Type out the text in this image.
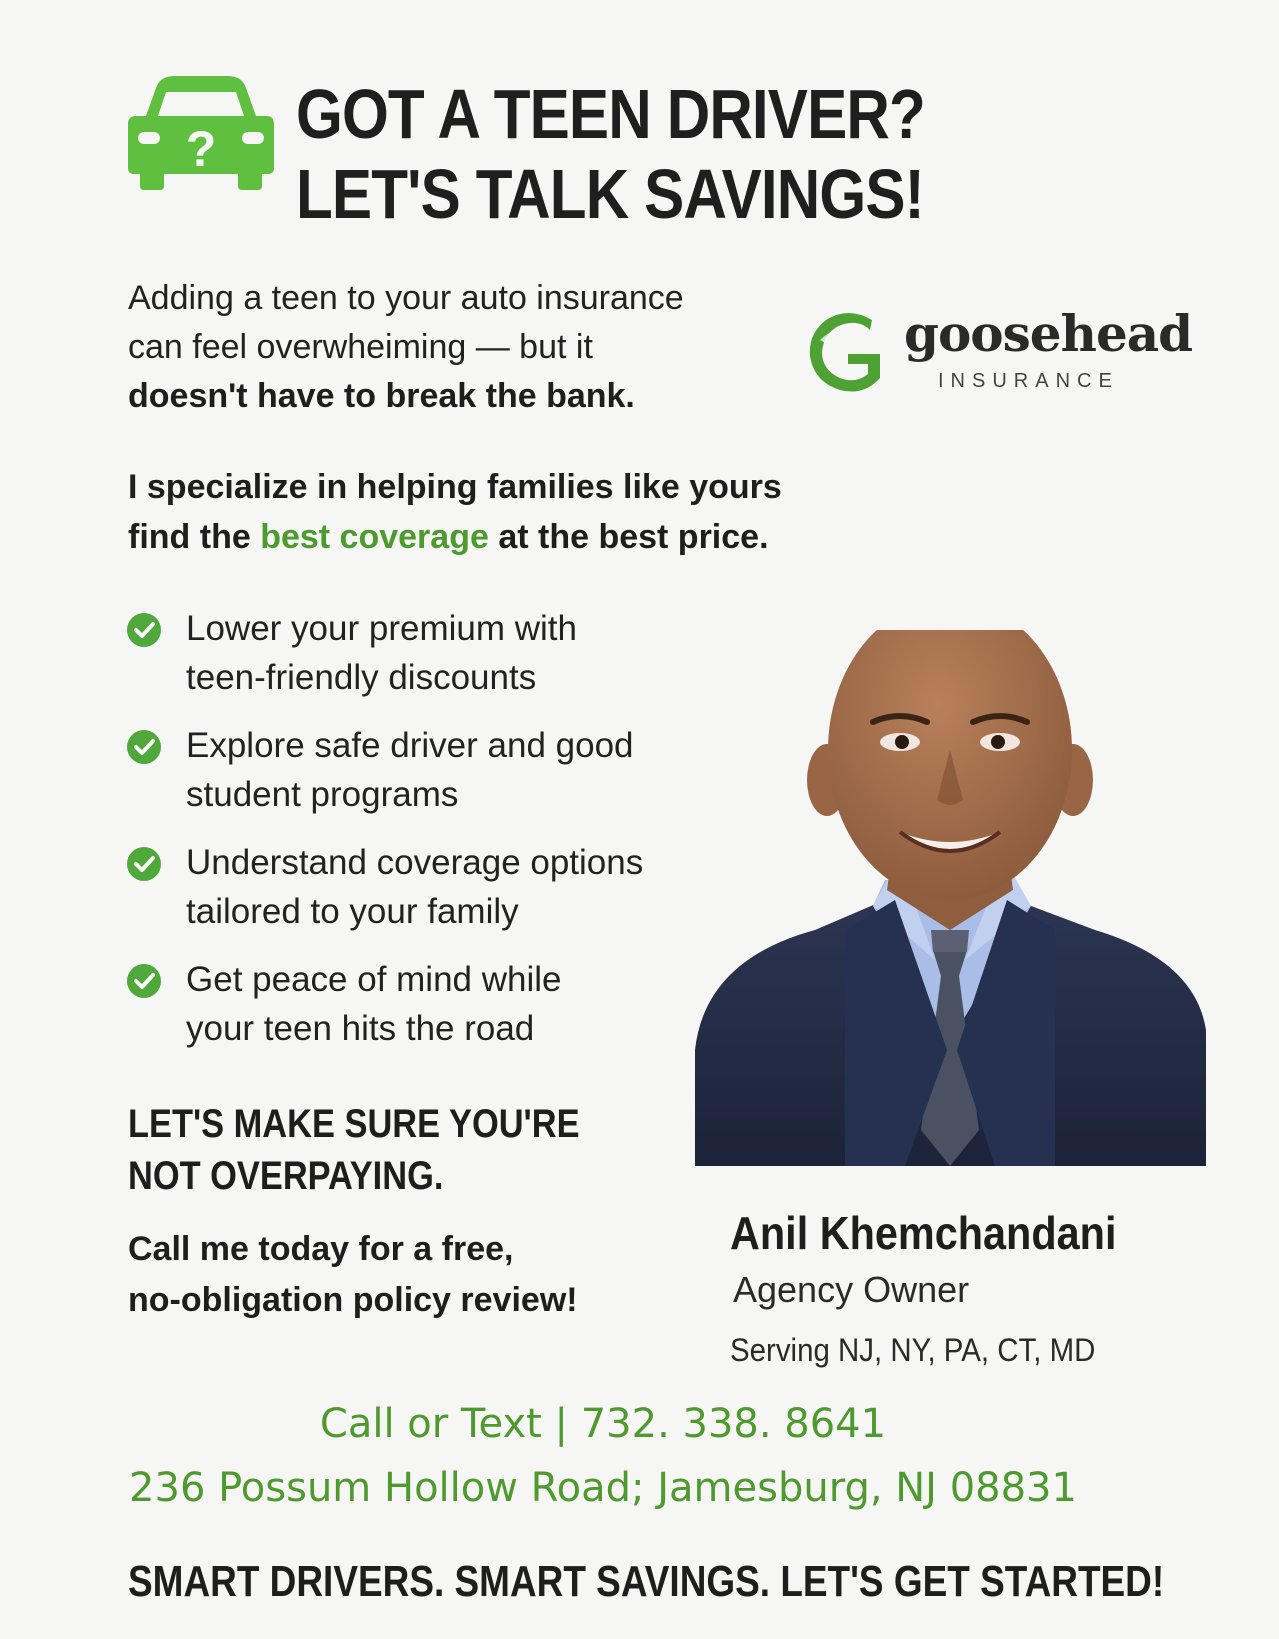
? GOT A TEEN DRIVER?
LET'S TALK SAVINGS!

Adding a teen to your auto insurance
can feel overwheiming — but it
doesn't have to break the bank.

goosehead
INSURANCE

I specialize in helping families like yours
find the best coverage at the best price.

Lower your premium with
teen-friendly discounts
Explore safe driver and good
student programs
Understand coverage options
tailored to your family
Get peace of mind while
your teen hits the road
LET'S MAKE SURE YOU'RE
NOT OVERPAYING.

Call me today for a free,
no-obligation policy review!

Anil Khemchandani
Agency Owner
Serving NJ, NY, PA, CT, MD
Call or Text | 732. 338. 8641
236 Possum Hollow Road; Jamesburg, NJ 08831
SMART DRIVERS. SMART SAVINGS. LET'S GET STARTED!
